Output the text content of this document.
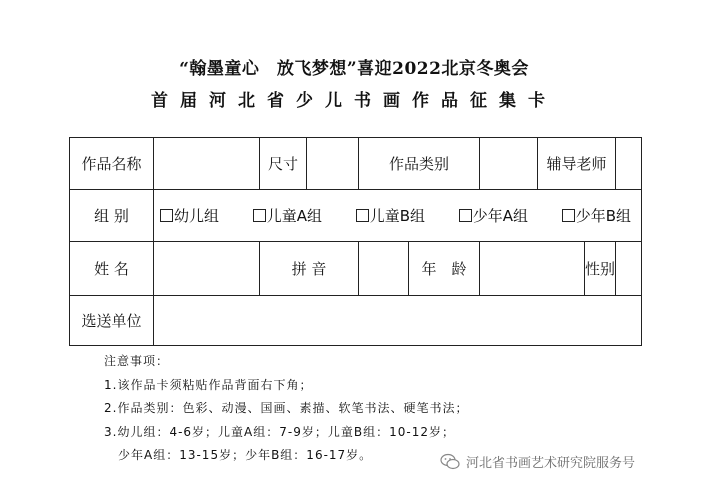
“翰墨童心　放飞梦想”喜迎2022北京冬奥会
首届河北省少儿书画作品征集卡
作品名称		尺寸		作品类别			辅导老师		
组 别	幼儿组 儿童A组 儿童B组 少年A组 少年B组								

姓 名		拼 音			年　龄			性别	
选送单位									
注意事项：
1.该作品卡须粘贴作品背面右下角；
2.作品类别：色彩、动漫、国画、素描、软笔书法、硬笔书法；
3.幼儿组：4-6岁；儿童A组：7-9岁；儿童B组：10-12岁；
少年A组：13-15岁；少年B组：16-17岁。
河北省书画艺术研究院服务号
